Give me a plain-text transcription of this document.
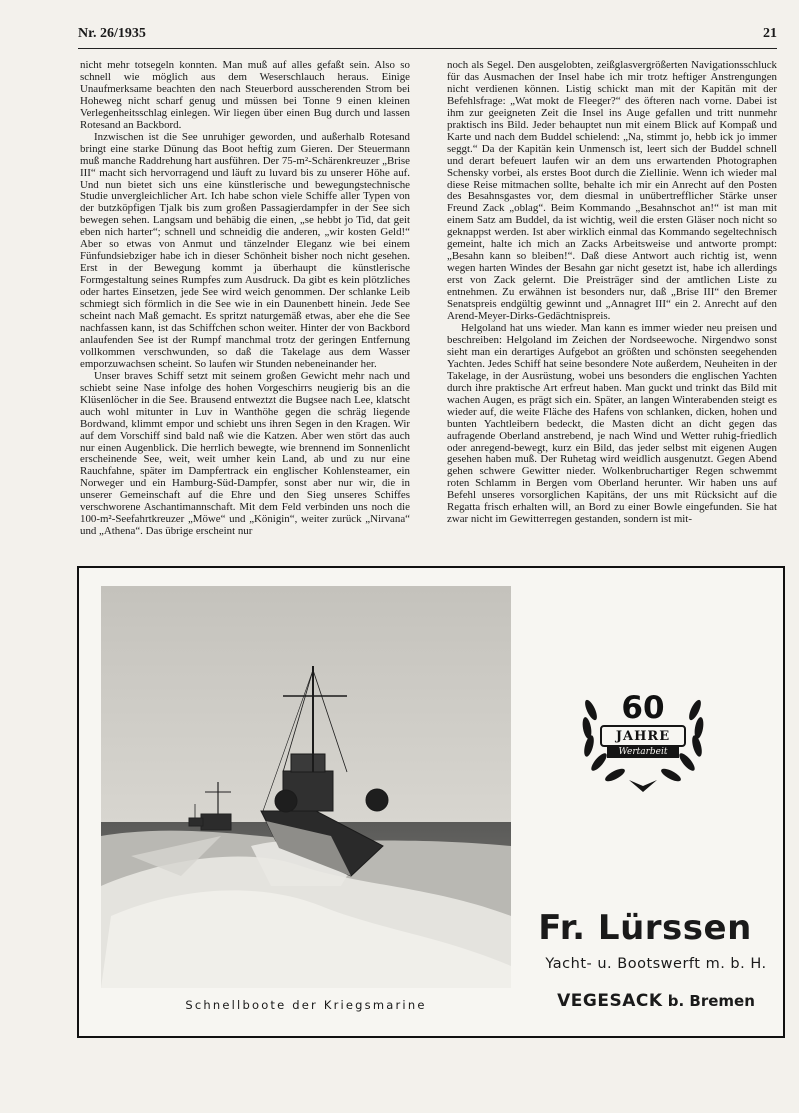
Nr. 26/1935	21

nicht mehr totsegeln konnten. Man muß auf alles gefaßt sein. Also so schnell wie möglich aus dem Weserschlauch heraus. Einige Unaufmerksame beachten den nach Steuerbord ausscherenden Strom bei Hoheweg nicht scharf genug und müssen bei Tonne 9 einen kleinen Verlegenheitsschlag einlegen. Wir liegen über einen Bug durch und lassen Rotesand an Backbord.

Inzwischen ist die See unruhiger geworden, und außerhalb Rotesand bringt eine starke Dünung das Boot heftig zum Gieren. Der Steuermann muß manche Raddrehung hart ausführen. Der 75-m²-Schärenkreuzer „Brise III“ macht sich hervorragend und läuft zu luvard bis zu unserer Höhe auf. Und nun bietet sich uns eine künstlerische und bewegungstechnische Studie unvergleichlicher Art. Ich habe schon viele Schiffe aller Typen von der butzköpfigen Tjalk bis zum großen Passagierdampfer in der See sich bewegen sehen. Langsam und behäbig die einen, „se hebbt jo Tid, dat geit eben nich harter“; schnell und schneidig die anderen, „wir kosten Geld!“ Aber so etwas von Anmut und tänzelnder Eleganz wie bei einem Fünfundsiebziger habe ich in dieser Schönheit bisher noch nicht gesehen. Erst in der Bewegung kommt ja überhaupt die künstlerische Formgestaltung seines Rumpfes zum Ausdruck. Da gibt es kein plötzliches oder hartes Einsetzen, jede See wird weich genommen. Der schlanke Leib schmiegt sich förmlich in die See wie in ein Daunenbett hinein. Jede See scheint nach Maß gemacht. Es spritzt naturgemäß etwas, aber ehe die See nachfassen kann, ist das Schiffchen schon weiter. Hinter der von Backbord anlaufenden See ist der Rumpf manchmal trotz der geringen Entfernung vollkommen verschwunden, so daß die Takelage aus dem Wasser emporzuwachsen scheint. So laufen wir Stunden nebeneinander her.

Unser braves Schiff setzt mit seinem großen Gewicht mehr nach und schiebt seine Nase infolge des hohen Vorgeschirrs neugierig bis an die Klüsenlöcher in die See. Brausend entweztzt die Bugsee nach Lee, klatscht auch wohl mitunter in Luv in Wanthöhe gegen die schräg liegende Bordwand, klimmt empor und schiebt uns ihren Segen in den Kragen. Wir auf dem Vorschiff sind bald naß wie die Katzen. Aber wen stört das auch nur einen Augenblick. Die herrlich bewegte, wie brennend im Sonnenlicht erscheinende See, weit, weit umher kein Land, ab und zu nur eine Rauchfahne, später im Dampfertrack ein englischer Kohlensteamer, ein Norweger und ein Hamburg-Süd-Dampfer, sonst aber nur wir, die in unserer Gemeinschaft auf die Ehre und den Sieg unseres Schiffes verschworene Aschantimannschaft. Mit dem Feld verbinden uns noch die 100-m²-Seefahrtkreuzer „Möwe“ und „Königin“, weiter zurück „Nirvana“ und „Athena“. Das übrige erscheint nur

noch als Segel. Den ausgelobten, zeißglasvergrößerten Navigationsschluck für das Ausmachen der Insel habe ich mir trotz heftiger Anstrengungen nicht verdienen können. Listig schickt man mit der Kapitän mit der Befehlsfrage: „Wat mokt de Fleeger?“ des öfteren nach vorne. Dabei ist ihm zur geeigneten Zeit die Insel ins Auge gefallen und tritt nunmehr praktisch ins Bild. Jeder behauptet nun mit einem Blick auf Kompaß und Karte und nach dem Buddel schielend: „Na, stimmt jo, hebb ick jo immer seggt.“ Da der Kapitän kein Unmensch ist, leert sich der Buddel schnell und derart befeuert laufen wir an dem uns erwartenden Photographen Schensky vorbei, als erstes Boot durch die Ziellinie. Wenn ich wieder mal diese Reise mitmachen sollte, behalte ich mir ein Anrecht auf den Posten des Besahnsgastes vor, dem diesmal in unübertrefflicher Stärke unser Freund Zack „oblag“. Beim Kommando „Besahnschot an!“ ist man mit einem Satz am Buddel, da ist wichtig, weil die ersten Gläser noch nicht so geknappst werden. Ist aber wirklich einmal das Kommando segeltechnisch gemeint, halte ich mich an Zacks Arbeitsweise und antworte prompt: „Besahn kann so bleiben!“. Daß diese Antwort auch richtig ist, wenn wegen harten Windes der Besahn gar nicht gesetzt ist, habe ich allerdings erst von Zack gelernt. Die Preisträger sind der amtlichen Liste zu entnehmen. Zu erwähnen ist besonders nur, daß „Brise III“ den Bremer Senatspreis endgültig gewinnt und „Annagret III“ ein 2. Anrecht auf den Arend-Meyer-Dirks-Gedächtnispreis.

Helgoland hat uns wieder. Man kann es immer wieder neu preisen und beschreiben: Helgoland im Zeichen der Nordseewoche. Nirgendwo sonst sieht man ein derartiges Aufgebot an größten und schönsten seegehenden Yachten. Jedes Schiff hat seine besondere Note außerdem, Neuheiten in der Takelage, in der Ausrüstung, wobei uns besonders die englischen Yachten durch ihre praktische Art erfreut haben. Man guckt und trinkt das Bild mit wachen Augen, es prägt sich ein. Später, an langen Winterabenden steigt es wieder auf, die weite Fläche des Hafens von schlanken, dicken, hohen und bunten Yachtleibern bedeckt, die Masten dicht an dicht gegen das aufragende Oberland anstrebend, je nach Wind und Wetter ruhig-friedlich oder anregend-bewegt, kurz ein Bild, das jeder selbst mit eigenen Augen gesehen haben muß. Der Ruhetag wird weidlich ausgenutzt. Gegen Abend gehen schwere Gewitter nieder. Wolkenbruchartiger Regen schwemmt roten Schlamm in Bergen vom Oberland herunter. Wir haben uns auf Befehl unseres vorsorglichen Kapitäns, der uns mit Rücksicht auf die Regatta frisch erhalten will, an Bord zu einer Bowle eingefunden. Sie hat zwar nicht im Gewitterregen gestanden, sondern ist mit-

Schnellboote der Kriegsmarine
60
JAHRE
Wertarbeit
Fr. Lürssen
Yacht- u. Bootswerft m. b. H.
VEGESACK b. Bremen
